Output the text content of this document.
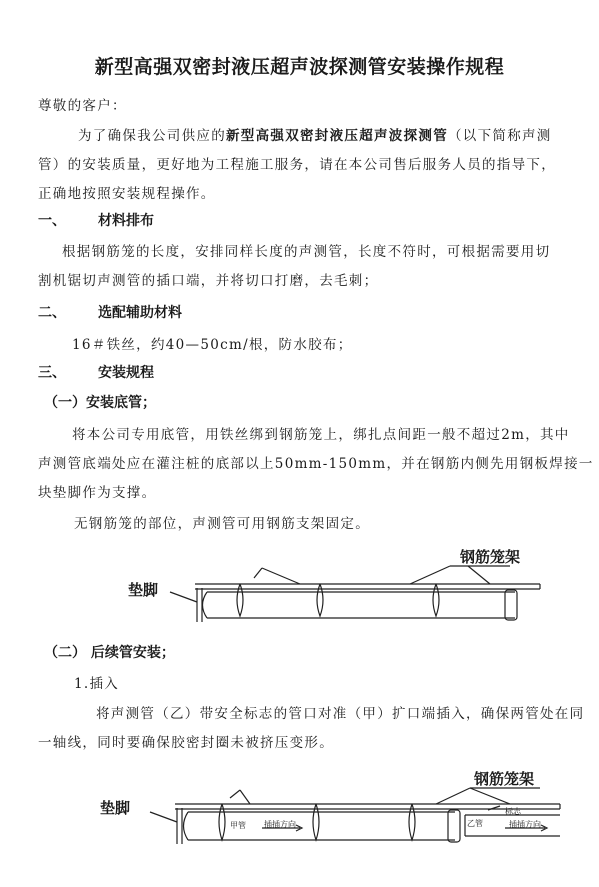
新型高强双密封液压超声波探测管安装操作规程
尊敬的客户：
为了确保我公司供应的新型高强双密封液压超声波探测管（以下简称声测
管）的安装质量，更好地为工程施工服务，请在本公司售后服务人员的指导下，
正确地按照安装规程操作。
一、 材料排布
根据钢筋笼的长度，安排同样长度的声测管，长度不符时，可根据需要用切
割机锯切声测管的插口端，并将切口打磨，去毛刺；
二、 选配辅助材料
16＃铁丝，约40—50cm/根，防水胶布；
三、 安装规程
（一）安装底管；
将本公司专用底管，用铁丝绑到钢筋笼上，绑扎点间距一般不超过2m，其中
声测管底端处应在灌注桩的底部以上50mm-150mm，并在钢筋内侧先用钢板焊接一
块垫脚作为支撑。
无钢筋笼的部位，声测管可用钢筋支架固定。
钢筋笼架
垫脚
（二） 后续管安装；
1.插入
将声测管（乙）带安全标志的管口对准（甲）扩口端插入，确保两管处在同
一轴线，同时要确保胶密封圈未被挤压变形。
钢筋笼架
垫脚
甲管 插插方向	乙管
标志
插插方向
